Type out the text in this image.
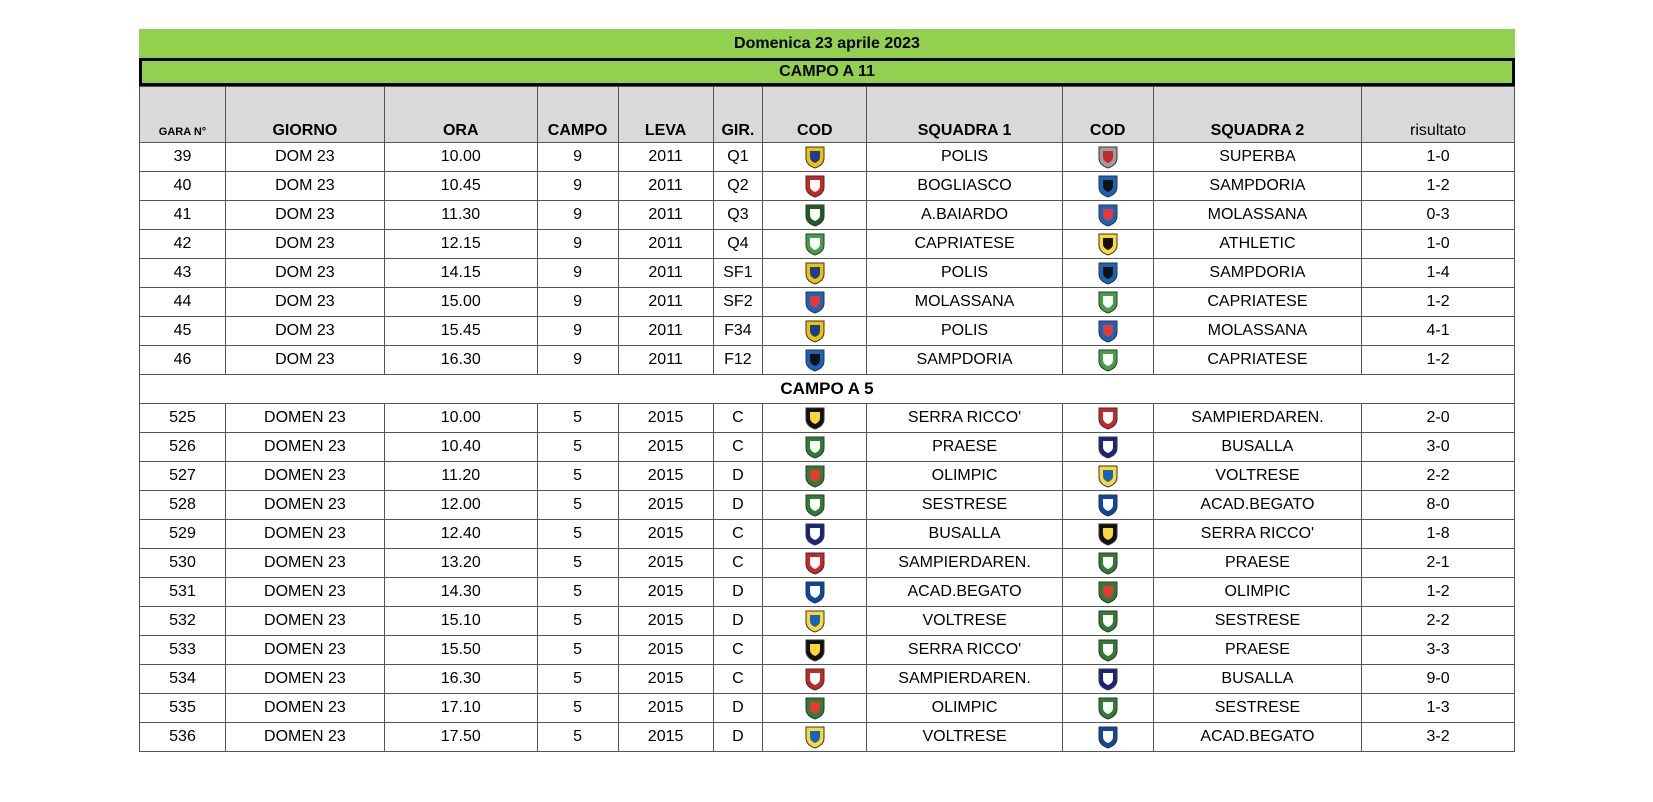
Domenica 23 aprile 2023
CAMPO A 11
GARA N°	GIORNO	ORA	CAMPO	LEVA	GIR.	COD	SQUADRA 1	COD	SQUADRA 2	risultato
39	DOM 23	10.00	9	2011	Q1		POLIS		SUPERBA	1-0
40	DOM 23	10.45	9	2011	Q2		BOGLIASCO		SAMPDORIA	1-2
41	DOM 23	11.30	9	2011	Q3		A.BAIARDO		MOLASSANA	0-3
42	DOM 23	12.15	9	2011	Q4		CAPRIATESE		ATHLETIC	1-0
43	DOM 23	14.15	9	2011	SF1		POLIS		SAMPDORIA	1-4
44	DOM 23	15.00	9	2011	SF2		MOLASSANA		CAPRIATESE	1-2
45	DOM 23	15.45	9	2011	F34		POLIS		MOLASSANA	4-1
46	DOM 23	16.30	9	2011	F12		SAMPDORIA		CAPRIATESE	1-2
CAMPO A 5										
525	DOMEN 23	10.00	5	2015	C		SERRA RICCO'		SAMPIERDAREN.	2-0
526	DOMEN 23	10.40	5	2015	C		PRAESE		BUSALLA	3-0
527	DOMEN 23	11.20	5	2015	D		OLIMPIC		VOLTRESE	2-2
528	DOMEN 23	12.00	5	2015	D		SESTRESE		ACAD.BEGATO	8-0
529	DOMEN 23	12.40	5	2015	C		BUSALLA		SERRA RICCO'	1-8
530	DOMEN 23	13.20	5	2015	C		SAMPIERDAREN.		PRAESE	2-1
531	DOMEN 23	14.30	5	2015	D		ACAD.BEGATO		OLIMPIC	1-2
532	DOMEN 23	15.10	5	2015	D		VOLTRESE		SESTRESE	2-2
533	DOMEN 23	15.50	5	2015	C		SERRA RICCO'		PRAESE	3-3
534	DOMEN 23	16.30	5	2015	C		SAMPIERDAREN.		BUSALLA	9-0
535	DOMEN 23	17.10	5	2015	D		OLIMPIC		SESTRESE	1-3
536	DOMEN 23	17.50	5	2015	D		VOLTRESE		ACAD.BEGATO	3-2
